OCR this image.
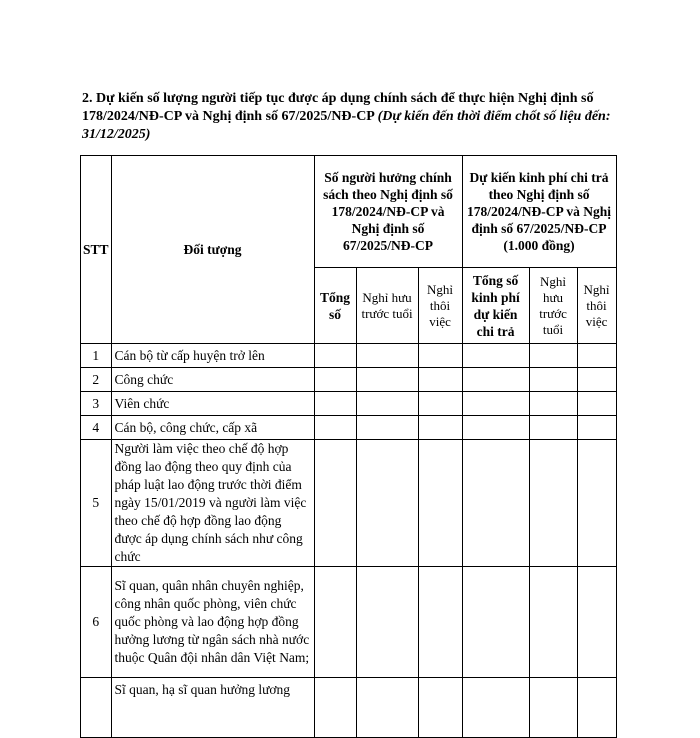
2. Dự kiến số lượng người tiếp tục được áp dụng chính sách để thực hiện Nghị định số 178/2024/NĐ-CP và Nghị định số 67/2025/NĐ-CP (Dự kiến đến thời điểm chốt số liệu đến: 31/12/2025)

STT	Đối tượng	Số người hưởng chính sách theo Nghị định số 178/2024/NĐ-CP và Nghị định số 67/2025/NĐ-CP			Dự kiến kinh phí chi trả theo Nghị định số 178/2024/NĐ-CP và Nghị định số 67/2025/NĐ-CP (1.000 đồng)		
		Tổng số	Nghỉ hưu trước tuổi	Nghỉ thôi việc	Tổng số kinh phí dự kiến chi trả	Nghỉ hưu trước tuổi	Nghỉ thôi việc
1	Cán bộ từ cấp huyện trở lên						
2	Công chức						
3	Viên chức						
4	Cán bộ, công chức, cấp xã						
5	Người làm việc theo chế độ hợp đồng lao động theo quy định của pháp luật lao động trước thời điểm ngày 15/01/2019 và người làm việc theo chế độ hợp đồng lao động được áp dụng chính sách như công chức						
6	Sĩ quan, quân nhân chuyên nghiệp, công nhân quốc phòng, viên chức quốc phòng và lao động hợp đồng hưởng lương từ ngân sách nhà nước thuộc Quân đội nhân dân Việt Nam;						
	Sĩ quan, hạ sĩ quan hưởng lương						
